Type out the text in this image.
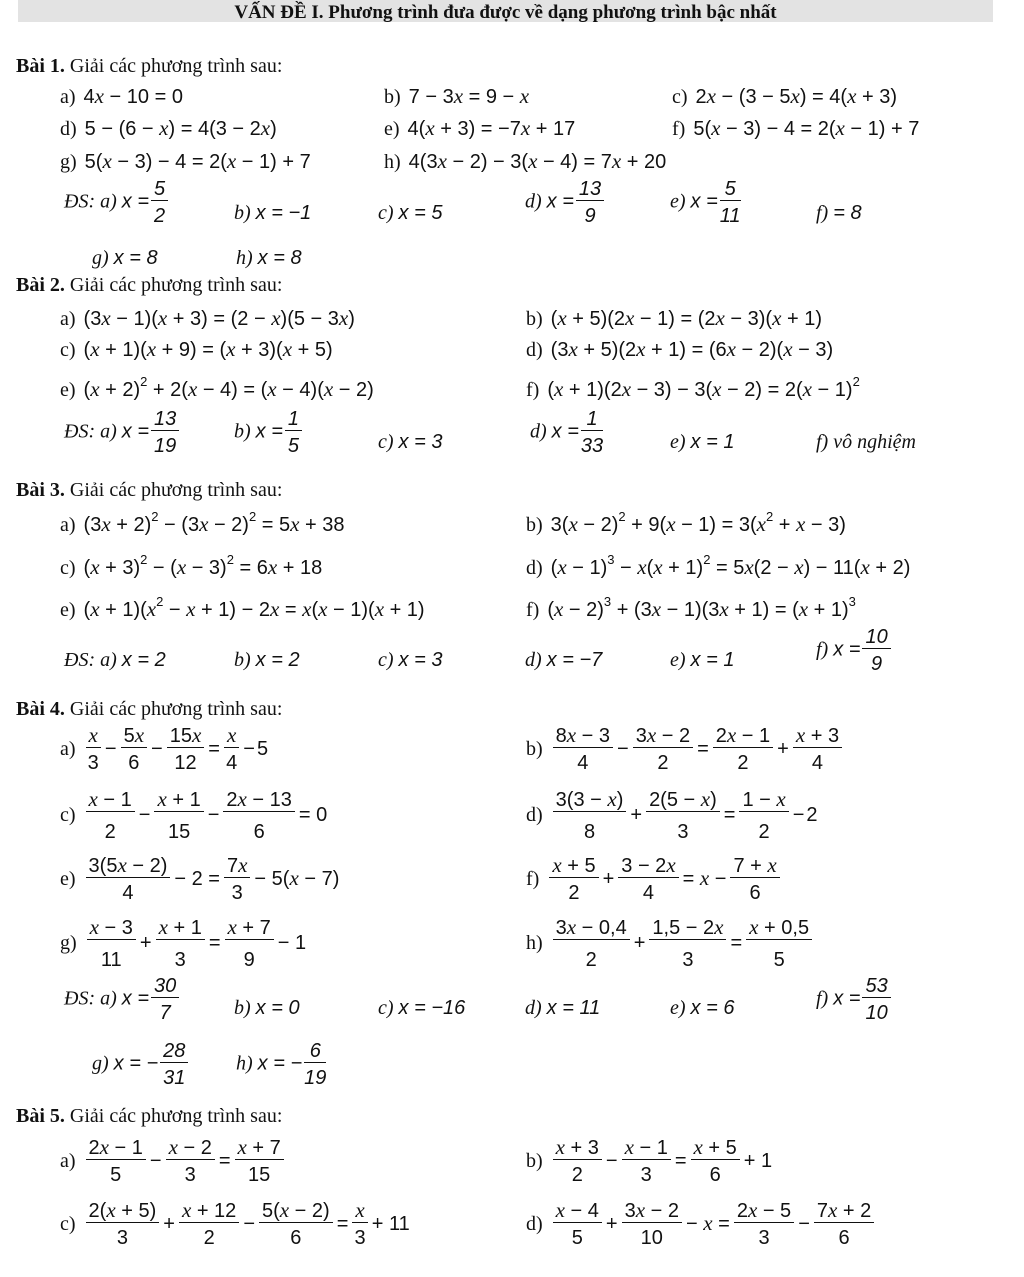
VẤN ĐỀ I. Phương trình đưa được về dạng phương trình bậc nhất
Bài 1. Giải các phương trình sau:
a) 4x − 10 = 0	b) 7 − 3x = 9 − x	c) 2x − (3 − 5x) = 4(x + 3)
d) 5 − (6 − x) = 4(3 − 2x)	e) 4(x + 3) = −7x + 17	f) 5(x − 3) − 4 = 2(x − 1) + 7
g) 5(x − 3) − 4 = 2(x − 1) + 7	h) 4(3x − 2) − 3(x − 4) = 7x + 20
ĐS: a) $x = \frac{5}{2}$	b) x = −1	c) x = 5
d) $x = \frac{13}{9}$	e) $x = \frac{5}{11}$	f) = 8
g) x = 8	h) x = 8
Bài 2. Giải các phương trình sau:
a) (3x − 1)(x + 3) = (2 − x)(5 − 3x)	b) (x + 5)(2x − 1) = (2x − 3)(x + 1)
c) (x + 1)(x + 9) = (x + 3)(x + 5)	d) (3x + 5)(2x + 1) = (6x − 2)(x − 3)
e) $(x + 2)^2 + 2(x - 4) = (x - 4)(x - 2)$	f) $(x + 1)(2x - 3) - 3(x - 2) = 2(x - 1)^2$
ĐS: a) $x = \frac{13}{19}$	b) $x = \frac{1}{5}$	c) x = 3	d) $x = \frac{1}{33}$	e) x = 1	f) vô nghiệm
Bài 3. Giải các phương trình sau:
a) $(3x + 2)^2 - (3x - 2)^2 = 5x + 38$	b) $3(x - 2)^2 + 9(x - 1) = 3(x^2 + x - 3)$
c) $(x + 3)^2 - (x - 3)^2 = 6x + 18$	d) $(x - 1)^3 - x(x + 1)^2 = 5x(2 - x) - 11(x + 2)$
e) $(x + 1)(x^2 - x + 1) - 2x = x(x - 1)(x + 1)$	f) $(x - 2)^3 + (3x - 1)(3x + 1) = (x + 1)^3$
ĐS: a) x = 2	b) x = 2	c) x = 3	d) x = −7	e) x = 1	f) $x = \frac{10}{9}$
Bài 4. Giải các phương trình sau:
$a) \frac{x}{3} - \frac{5x}{6} - \frac{15x}{12} = \frac{x}{4} - 5$	$b) \frac{8x - 3}{4} - \frac{3x - 2}{2} = \frac{2x - 1}{2} + \frac{x + 3}{4}$
$c) \frac{x - 1}{2} - \frac{x + 1}{15} - \frac{2x - 13}{6} = 0$	$d) \frac{3(3 - x)}{8} + \frac{2(5 - x)}{3} = \frac{1 - x}{2} - 2$
$e) \frac{3(5x - 2)}{4} - 2 = \frac{7x}{3} - 5(x - 7)$	$f) \frac{x + 5}{2} + \frac{3 - 2x}{4} = x - \frac{7 + x}{6}$
$g) \frac{x - 3}{11} + \frac{x + 1}{3} = \frac{x + 7}{9} - 1$	$h) \frac{3x - 0,4}{2} + \frac{1,5 - 2x}{3} = \frac{x + 0,5}{5}$
ĐS: a) $x = \frac{30}{7}$	b) x = 0	c) x = −16	d) x = 11	e) x = 6	f) $x = \frac{53}{10}$
g) x = − $\frac{28}{31} h$) x = − $\frac{6}{19}$
Bài 5. Giải các phương trình sau:
$a) \frac{2x - 1}{5} - \frac{x - 2}{3} = \frac{x + 7}{15}$	$b) \frac{x + 3}{2} - \frac{x - 1}{3} = \frac{x + 5}{6} + 1$
$c) \frac{2(x + 5)}{3} + \frac{x + 12}{2} - \frac{5(x - 2)}{6} = \frac{x}{3} + 11$	$d) \frac{x - 4}{5} + \frac{3x - 2}{10} - x = \frac{2x - 5}{3} - \frac{7x + 2}{6}$
